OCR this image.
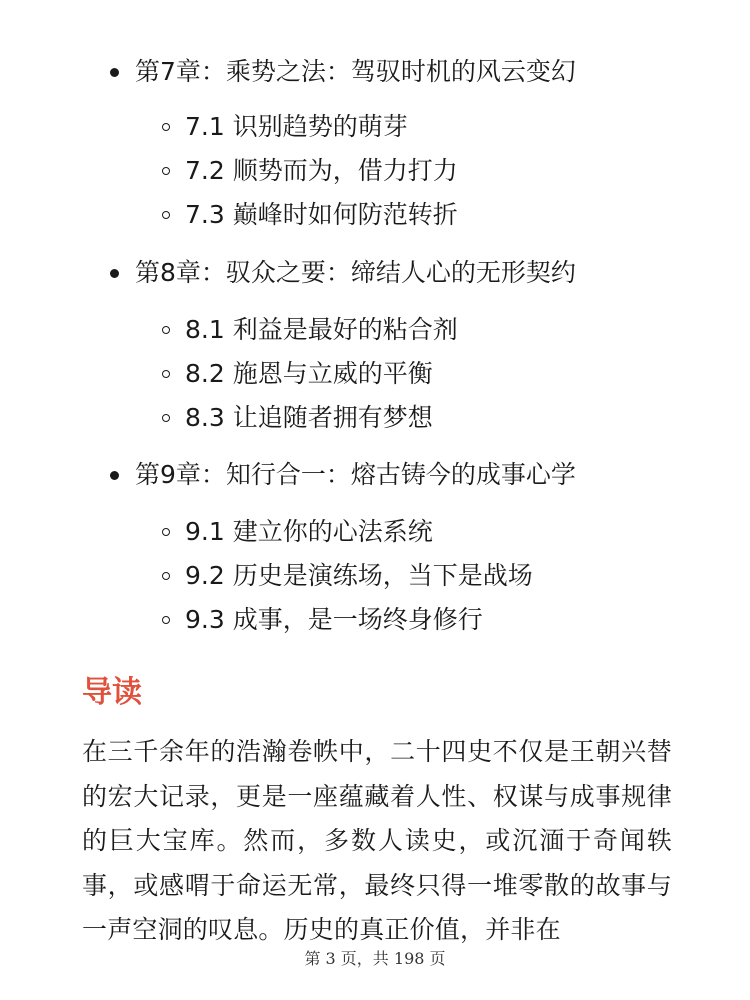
第7章：乘势之法：驾驭时机的风云变幻
7.1 识别趋势的萌芽
7.2 顺势而为，借力打力
7.3 巅峰时如何防范转折
第8章：驭众之要：缔结人心的无形契约
8.1 利益是最好的粘合剂
8.2 施恩与立威的平衡
8.3 让追随者拥有梦想
第9章：知行合一：熔古铸今的成事心学
9.1 建立你的心法系统
9.2 历史是演练场，当下是战场
9.3 成事，是一场终身修行
导读
在三千余年的浩瀚卷帙中，二十四史不仅是王朝兴替的宏大记录，更是一座蕴藏着人性、权谋与成事规律的巨大宝库。然而，多数人读史，或沉湎于奇闻轶事，或感喟于命运无常，最终只得一堆零散的故事与一声空洞的叹息。历史的真正价值，并非在
第 3 页，共 198 页
